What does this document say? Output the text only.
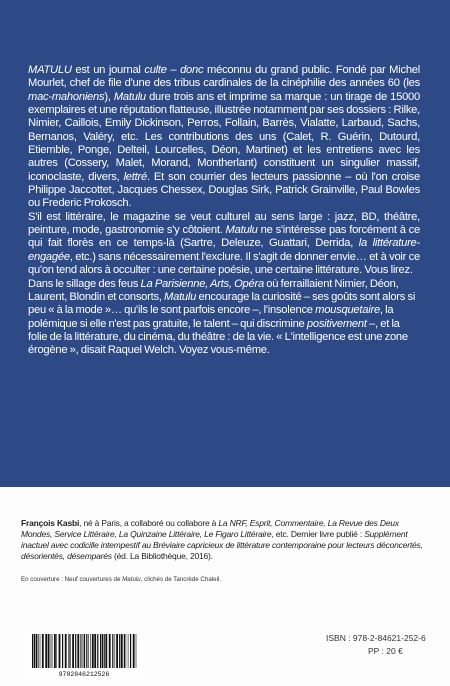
MATULU est un journal culte – donc méconnu du grand public. Fondé par Michel Mourlet, chef de file d'une des tribus cardinales de la cinéphilie des années 60 (les mac-mahoniens), Matulu dure trois ans et imprime sa marque : un tirage de 15000 exemplaires et une réputation flatteuse, illustrée notamment par ses dossiers : Rilke, Nimier, Caillois, Emily Dickinson, Perros, Follain, Barrès, Vialatte, Larbaud, Sachs, Bernanos, Valéry, etc. Les contributions des uns (Calet, R. Guérin, Dutourd, Etiemble, Ponge, Delteil, Lourcelles, Déon, Martinet) et les entretiens avec les autres (Cossery, Malet, Morand, Montherlant) constituent un singulier massif, iconoclaste, divers, lettré. Et son courrier des lecteurs passionne – où l'on croise Philippe Jaccottet, Jacques Chessex, Douglas Sirk, Patrick Grainville, Paul Bowles ou Frederic Prokosch.

S'il est littéraire, le magazine se veut culturel au sens large : jazz, BD, théâtre, peinture, mode, gastronomie s'y côtoient. Matulu ne s'intéresse pas forcément à ce qui fait florès en ce temps-là (Sartre, Deleuze, Guattari, Derrida, la littérature-engagée, etc.) sans nécessairement l'exclure. Il s'agit de donner envie… et à voir ce qu'on tend alors à occulter : une certaine poésie, une certaine littérature. Vous lirez.

Dans le sillage des feus La Parisienne, Arts, Opéra où ferraillaient Nimier, Déon, Laurent, Blondin et consorts, Matulu encourage la curiosité – ses goûts sont alors si peu « à la mode »… qu'ils le sont parfois encore –, l'insolence mousquetaire, la polémique si elle n'est pas gratuite, le talent – qui discrimine positivement –, et la folie de la littérature, du cinéma, du théâtre : de la vie. « L'intelligence est une zone érogène », disait Raquel Welch. Voyez vous-même.

François Kasbi, né à Paris, a collaboré ou collabore à La NRF, Esprit, Commentaire, La Revue des Deux Mondes, Service Littéraire, La Quinzaine Littéraire, Le Figaro Littéraire, etc. Dernier livre publié : Supplément inactuel avec codicille intempestif au Bréviaire capricieux de littérature contemporaine pour lecteurs déconcertés, désorientés, désemparés (éd. La Bibliothèque, 2016).
En couverture : Neuf couvertures de Matulu, clichés de Tancrède Chaleil.
9782846212526
ISBN : 978-2-84621-252-6
PP : 20 €
